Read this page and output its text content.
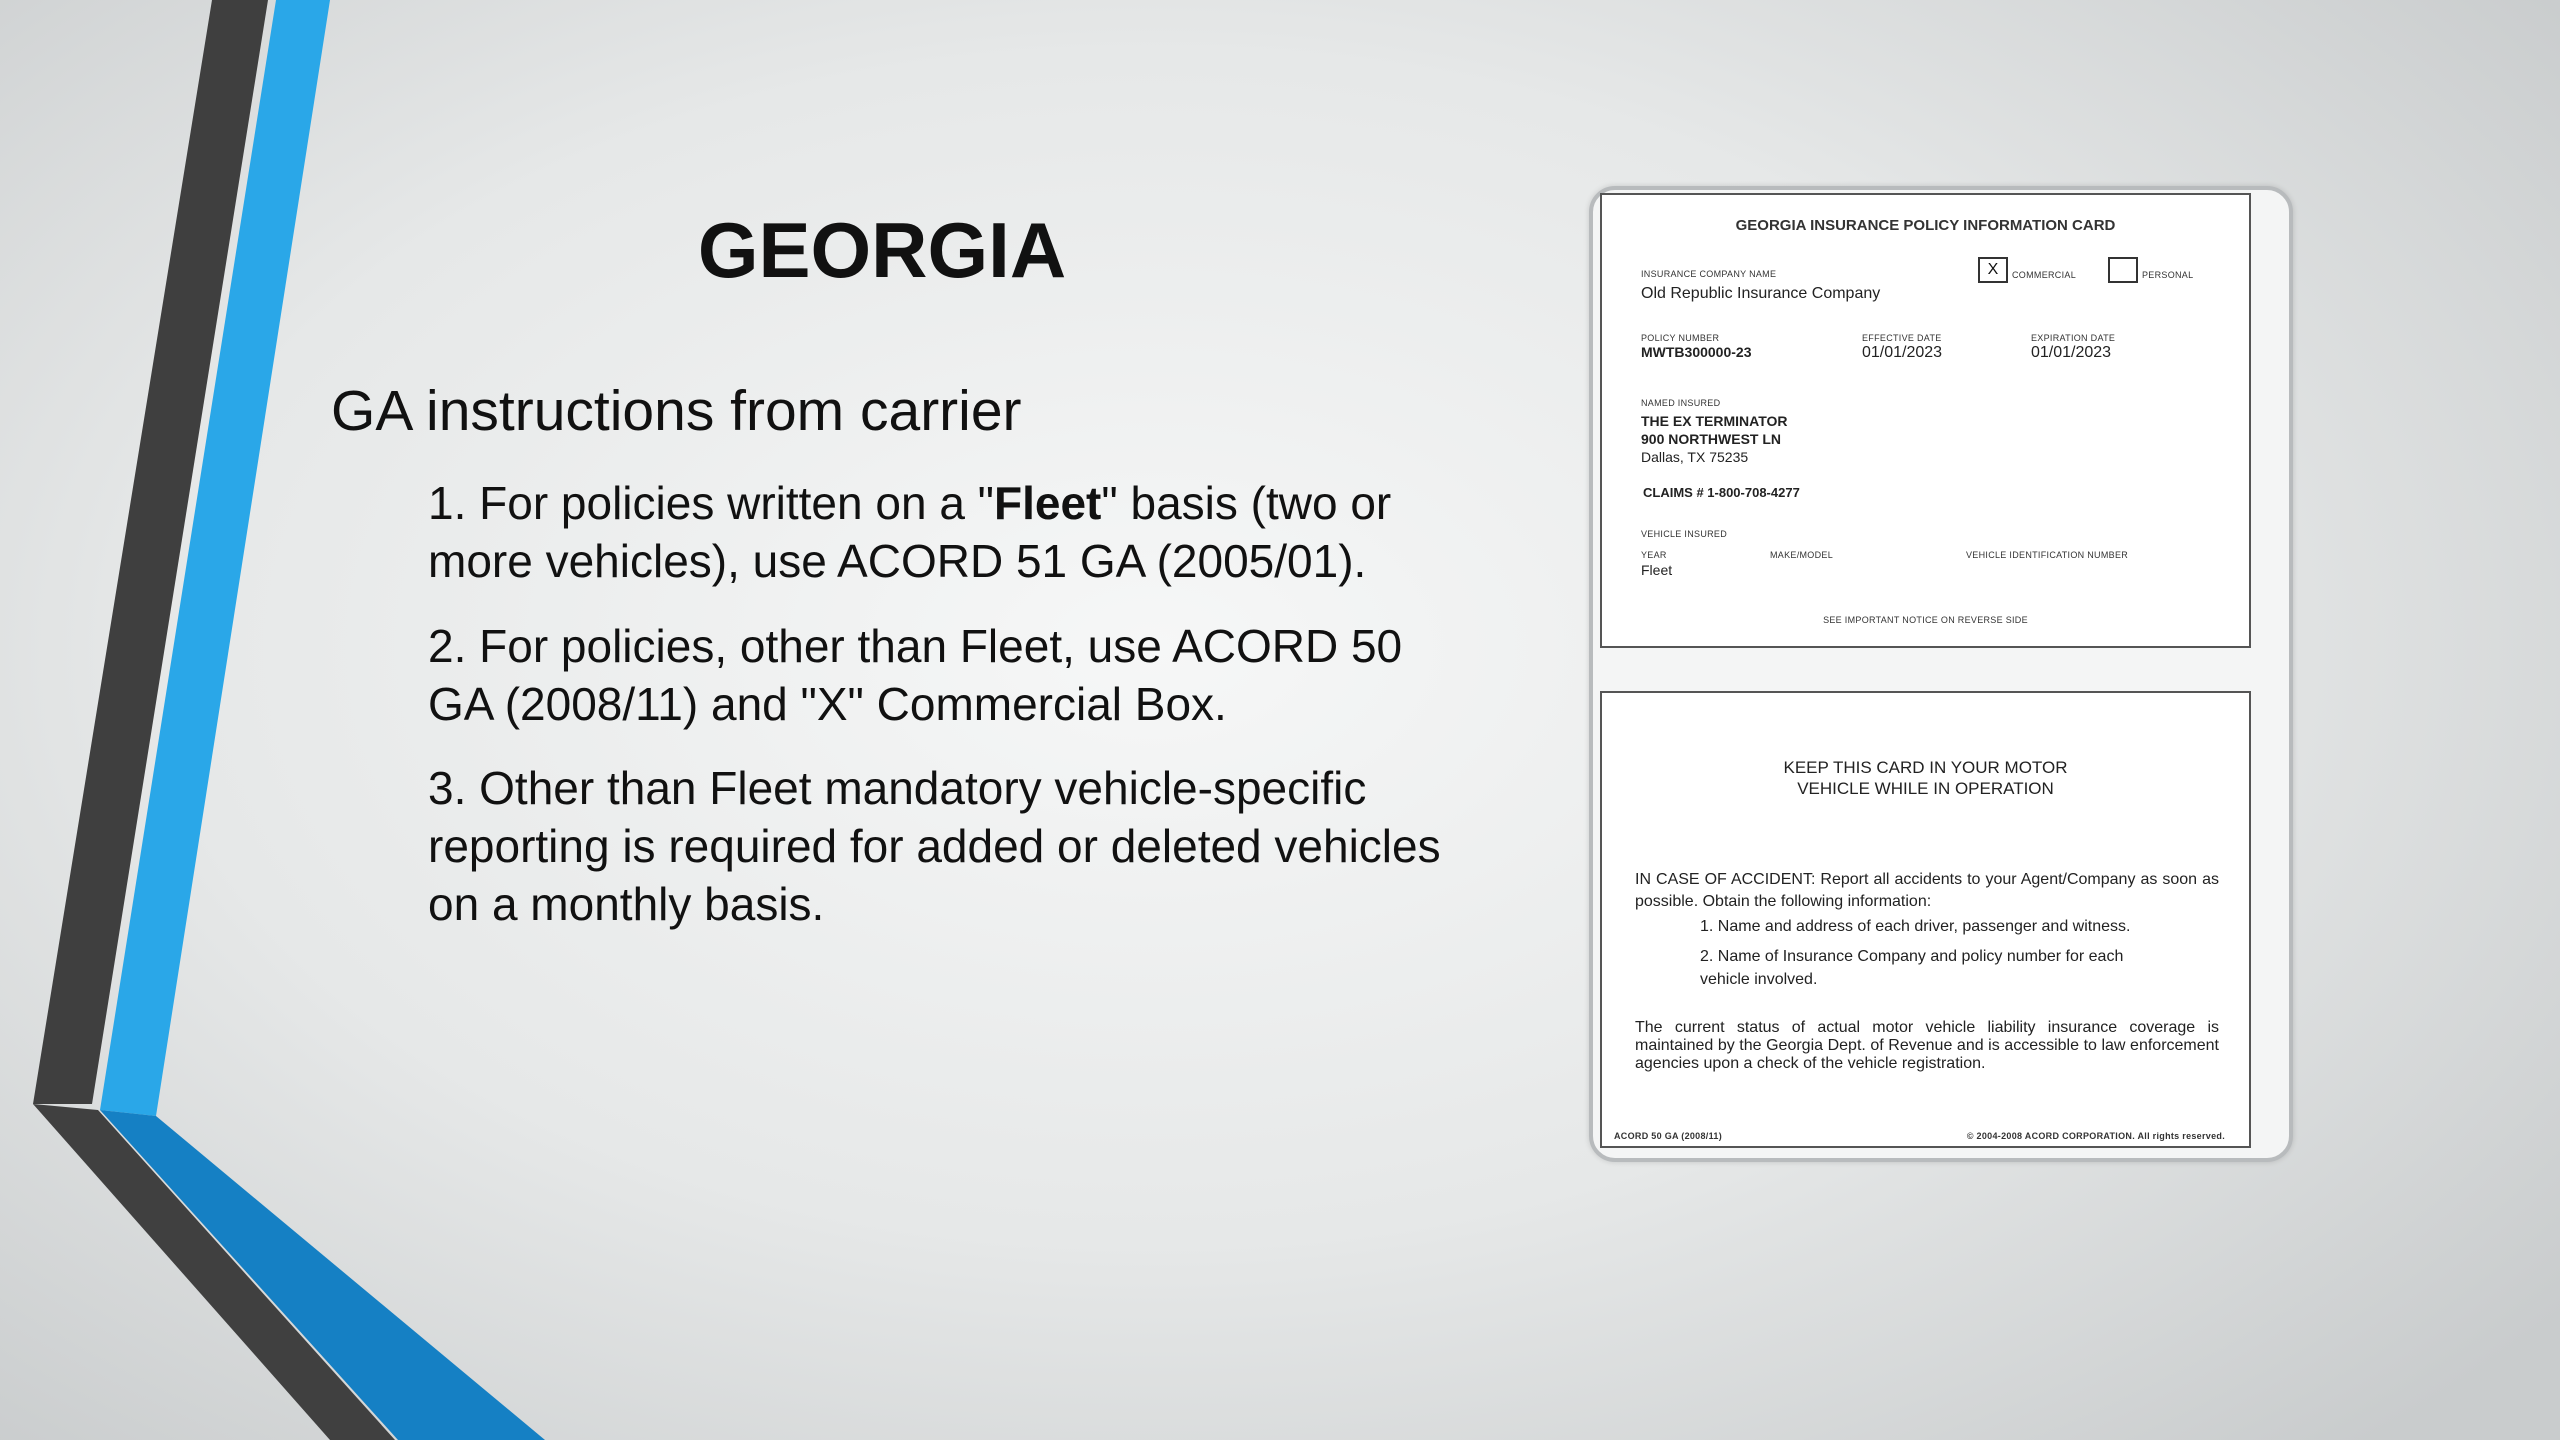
GEORGIA
GA instructions from carrier
1. For policies written on a "Fleet" basis (two or more vehicles), use ACORD 51 GA (2005/01).
2. For policies, other than Fleet, use ACORD 50 GA (2008/11) and "X" Commercial Box.
3. Other than Fleet mandatory vehicle-specific reporting is required for added or deleted vehicles on a monthly basis.
GEORGIA INSURANCE POLICY INFORMATION CARD
INSURANCE COMPANY NAME
Old Republic Insurance Company
X	COMMERCIAL	PERSONAL
POLICY NUMBER
MWTB300000-23
EFFECTIVE DATE
01/01/2023
EXPIRATION DATE
01/01/2023
NAMED INSURED
THE EX TERMINATOR
900 NORTHWEST LN
Dallas, TX 75235
CLAIMS # 1-800-708-4277
VEHICLE INSURED
YEAR	MAKE/MODEL	VEHICLE IDENTIFICATION NUMBER
Fleet
SEE IMPORTANT NOTICE ON REVERSE SIDE
KEEP THIS CARD IN YOUR MOTOR
VEHICLE WHILE IN OPERATION
IN CASE OF ACCIDENT: Report all accidents to your Agent/Company as soon as possible. Obtain the following information:
1. Name and address of each driver, passenger and witness.
2. Name of Insurance Company and policy number for each vehicle involved.
The current status of actual motor vehicle liability insurance coverage is maintained by the Georgia Dept. of Revenue and is accessible to law enforcement agencies upon a check of the vehicle registration.
ACORD 50 GA (2008/11)	© 2004-2008 ACORD CORPORATION. All rights reserved.
